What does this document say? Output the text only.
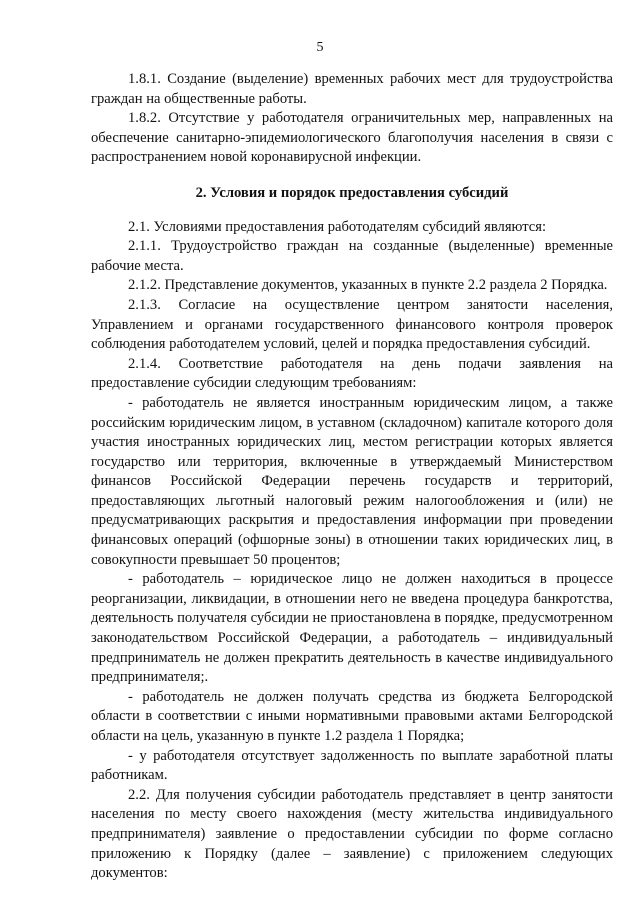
5

1.8.1. Создание (выделение) временных рабочих мест для трудоустройства граждан на общественные работы.

1.8.2. Отсутствие у работодателя ограничительных мер, направленных на обеспечение санитарно-эпидемиологического благополучия населения в связи с распространением новой коронавирусной инфекции.

2. Условия и порядок предоставления субсидий

2.1. Условиями предоставления работодателям субсидий являются:

2.1.1. Трудоустройство граждан на созданные (выделенные) временные рабочие места.

2.1.2. Представление документов, указанных в пункте 2.2 раздела 2 Порядка.

2.1.3. Согласие на осуществление центром занятости населения, Управлением и органами государственного финансового контроля проверок соблюдения работодателем условий, целей и порядка предоставления субсидий.

2.1.4. Соответствие работодателя на день подачи заявления на предоставление субсидии следующим требованиям:

- работодатель не является иностранным юридическим лицом, а также российским юридическим лицом, в уставном (складочном) капитале которого доля участия иностранных юридических лиц, местом регистрации которых является государство или территория, включенные в утверждаемый Министерством финансов Российской Федерации перечень государств и территорий, предоставляющих льготный налоговый режим налогообложения и (или) не предусматривающих раскрытия и предоставления информации при проведении финансовых операций (офшорные зоны) в отношении таких юридических лиц, в совокупности превышает 50 процентов;

- работодатель – юридическое лицо не должен находиться в процессе реорганизации, ликвидации, в отношении него не введена процедура банкротства, деятельность получателя субсидии не приостановлена в порядке, предусмотренном законодательством Российской Федерации, а работодатель – индивидуальный предприниматель не должен прекратить деятельность в качестве индивидуального предпринимателя;.

- работодатель не должен получать средства из бюджета Белгородской области в соответствии с иными нормативными правовыми актами Белгородской области на цель, указанную в пункте 1.2 раздела 1 Порядка;

- у работодателя отсутствует задолженность по выплате заработной платы работникам.

2.2. Для получения субсидии работодатель представляет в центр занятости населения по месту своего нахождения (месту жительства индивидуального предпринимателя) заявление о предоставлении субсидии по форме согласно приложению к Порядку (далее – заявление) с приложением следующих документов:
